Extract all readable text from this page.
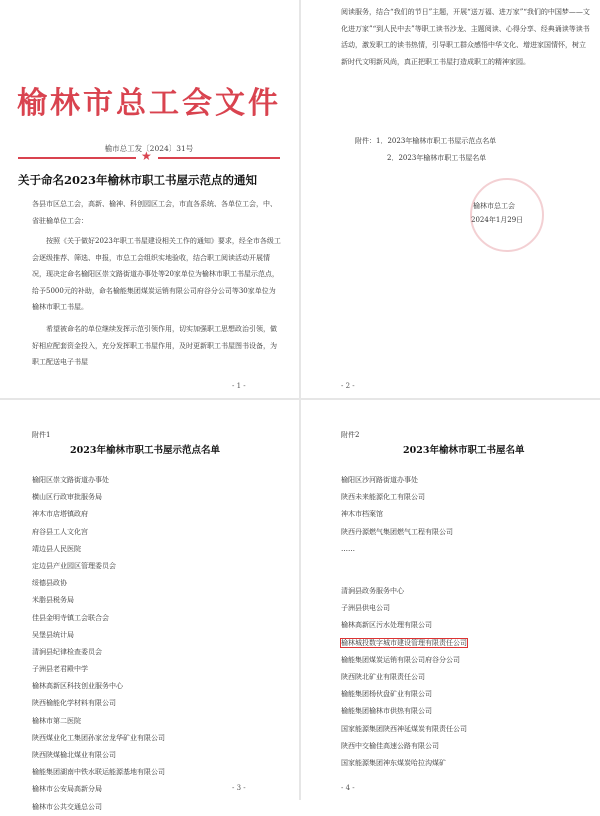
榆林市总工会文件
榆市总工发〔2024〕31号
★
关于命名2023年榆林市职工书屋示范点的通知
各县市区总工会，高新、榆神、科创园区工会，市直各系统、各单位工会，中、省驻榆单位工会：
按照《关于做好2023年职工书屋建设相关工作的通知》要求，经全市各级工会逐级推荐、筛选、申报，市总工会组织实地验收，结合职工阅读活动开展情况，现决定命名榆阳区崇文路街道办事处等20家单位为榆林市职工书屋示范点，给予5000元的补助，命名榆能集团煤炭运销有限公司府谷分公司等30家单位为榆林市职工书屋。
希望被命名的单位继续发挥示范引领作用，切实加强职工思想政治引领，做好相应配套资金投入，充分发挥职工书屋作用，及时更新职工书屋图书设备，为职工配送电子书屋
- 1 -
阅读服务，结合“我们的节日”主题，开展“送万福、进万家”“我们的中国梦——文化进万家”“到人民中去”等职工读书沙龙、主题阅读、心得分享、经典诵读等读书活动，激发职工的读书热情，引导职工群众感悟中华文化、增进家国情怀，树立新时代文明新风尚，真正把职工书屋打造成职工的精神家园。
附件：1．2023年榆林市职工书屋示范点名单
2．2023年榆林市职工书屋名单
榆林市总工会
2024年1月29日
- 2 -
附件1
2023年榆林市职工书屋示范点名单
榆阳区崇文路街道办事处
横山区行政审批服务局
神木市店塔镇政府
府谷县工人文化宫
靖边县人民医院
定边县产业园区管理委员会
绥德县政协
米脂县税务局
佳县金明寺镇工会联合会
吴堡县统计局
清涧县纪律检查委员会
子洲县老君殿中学
榆林高新区科技创业服务中心
陕西榆能化学材料有限公司
榆林市第二医院
陕西煤业化工集团孙家岔龙华矿业有限公司
陕西陕煤榆北煤业有限公司
榆能集团湖南中铁水联运能源基地有限公司
榆林市公安局高新分局
榆林市公共交通总公司
- 3 -
附件2
2023年榆林市职工书屋名单
榆阳区沙河路街道办事处
陕西未来能源化工有限公司
神木市档案馆
陕西丹源燃气集团燃气工程有限公司
……
清涧县政务服务中心
子洲县供电公司
榆林高新区污水处理有限公司
榆林城投数字城市建设管理有限责任公司
榆能集团煤炭运销有限公司府谷分公司
陕西陕北矿业有限责任公司
榆能集团杨伙盘矿业有限公司
榆能集团榆林市供热有限公司
国家能源集团陕西神延煤炭有限责任公司
陕西中交榆佳高速公路有限公司
国家能源集团神东煤炭哈拉沟煤矿
- 4 -
